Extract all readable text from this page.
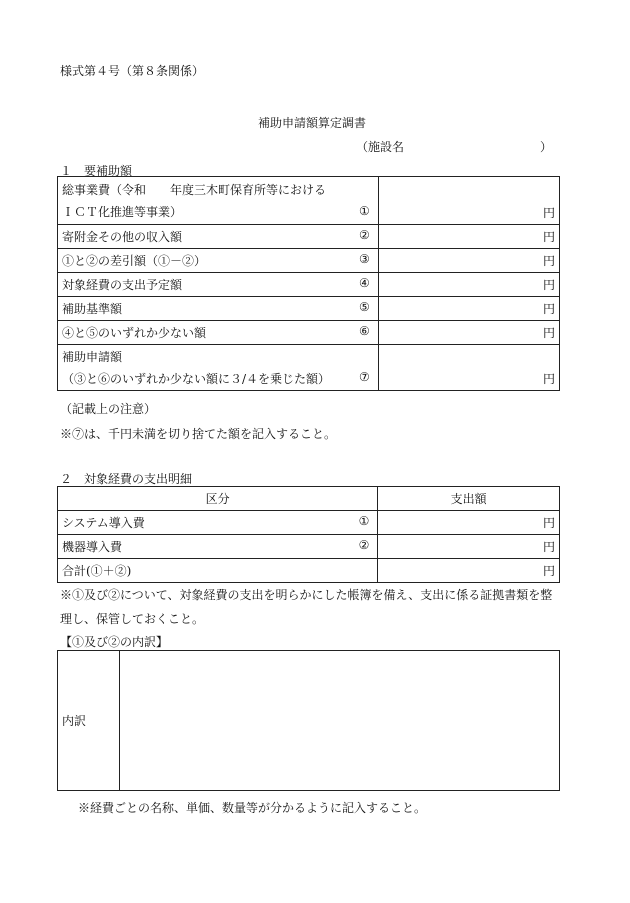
様式第４号（第８条関係）
補助申請額算定調書
（施設名	）
１　要補助額
総事業費（令和　　年度三木町保育所等における
ＩＣＴ化推進等事業） ①	円
寄附金その他の収入額 ②	円
①と②の差引額（①－②） ③	円
対象経費の支出予定額 ④	円
補助基準額 ⑤	円
④と⑤のいずれか少ない額 ⑥	円

補助申請額
（③と⑥のいずれか少ない額に３/４を乗じた額） ⑦	円
（記載上の注意）
※⑦は、千円未満を切り捨てた額を記入すること。
２　対象経費の支出明細
区分	支出額
システム導入費 ①	円
機器導入費 ②	円
合計(①＋②)	円
※①及び②について、対象経費の支出を明らかにした帳簿を備え、支出に係る証拠書類を整
理し、保管しておくこと。
【①及び②の内訳】
内訳	
※経費ごとの名称、単価、数量等が分かるように記入すること。
